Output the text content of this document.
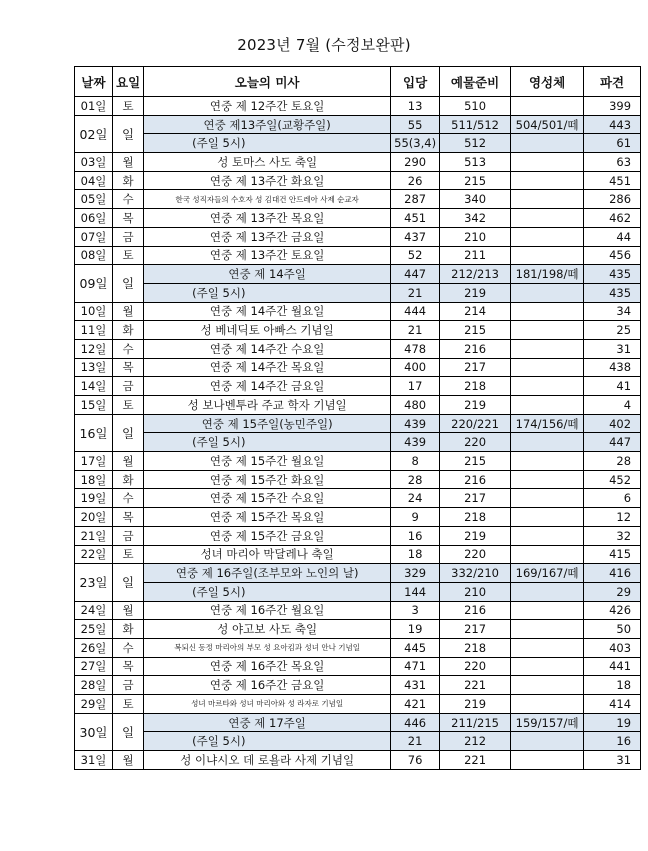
2023년 7월 (수정보완판)
날짜	요일	오늘의 미사	입당	예물준비	영성체	파견
01일	토	연중 제 12주간 토요일	13	510		399
02일	일	연중 제13주일(교황주일)	55	511/512	504/501/떼	443
		(주일 5시)	55(3,4)	512		61
03일	월	성 토마스 사도 축일	290	513		63
04일	화	연중 제 13주간 화요일	26	215		451
05일	수	한국 성직자들의 수호자 성 김대건 안드레아 사제 순교자	287	340		286
06일	목	연중 제 13주간 목요일	451	342		462
07일	금	연중 제 13주간 금요일	437	210		44
08일	토	연중 제 13주간 토요일	52	211		456
09일	일	연중 제 14주일	447	212/213	181/198/떼	435
		(주일 5시)	21	219		435
10일	월	연중 제 14주간 월요일	444	214		34
11일	화	성 베네딕토 아빠스 기념일	21	215		25
12일	수	연중 제 14주간 수요일	478	216		31
13일	목	연중 제 14주간 목요일	400	217		438
14일	금	연중 제 14주간 금요일	17	218		41
15일	토	성 보나벤투라 주교 학자 기념일	480	219		4
16일	일	연중 제 15주일(농민주일)	439	220/221	174/156/떼	402
		(주일 5시)	439	220		447
17일	월	연중 제 15주간 월요일	8	215		28
18일	화	연중 제 15주간 화요일	28	216		452
19일	수	연중 제 15주간 수요일	24	217		6
20일	목	연중 제 15주간 목요일	9	218		12
21일	금	연중 제 15주간 금요일	16	219		32
22일	토	성녀 마리아 막달레나 축일	18	220		415
23일	일	연중 제 16주일(조부모와 노인의 날)	329	332/210	169/167/떼	416
		(주일 5시)	144	210		29
24일	월	연중 제 16주간 월요일	3	216		426
25일	화	성 야고보 사도 축일	19	217		50
26일	수	복되신 동정 마리아의 부모 성 요아킴과 성녀 안나 기념일	445	218		403
27일	목	연중 제 16주간 목요일	471	220		441
28일	금	연중 제 16주간 금요일	431	221		18
29일	토	성녀 마르타와 성녀 마리아와 성 라자로 기념일	421	219		414
30일	일	연중 제 17주일	446	211/215	159/157/떼	19
		(주일 5시)	21	212		16
31일	월	성 이냐시오 데 로욜라 사제 기념일	76	221		31
